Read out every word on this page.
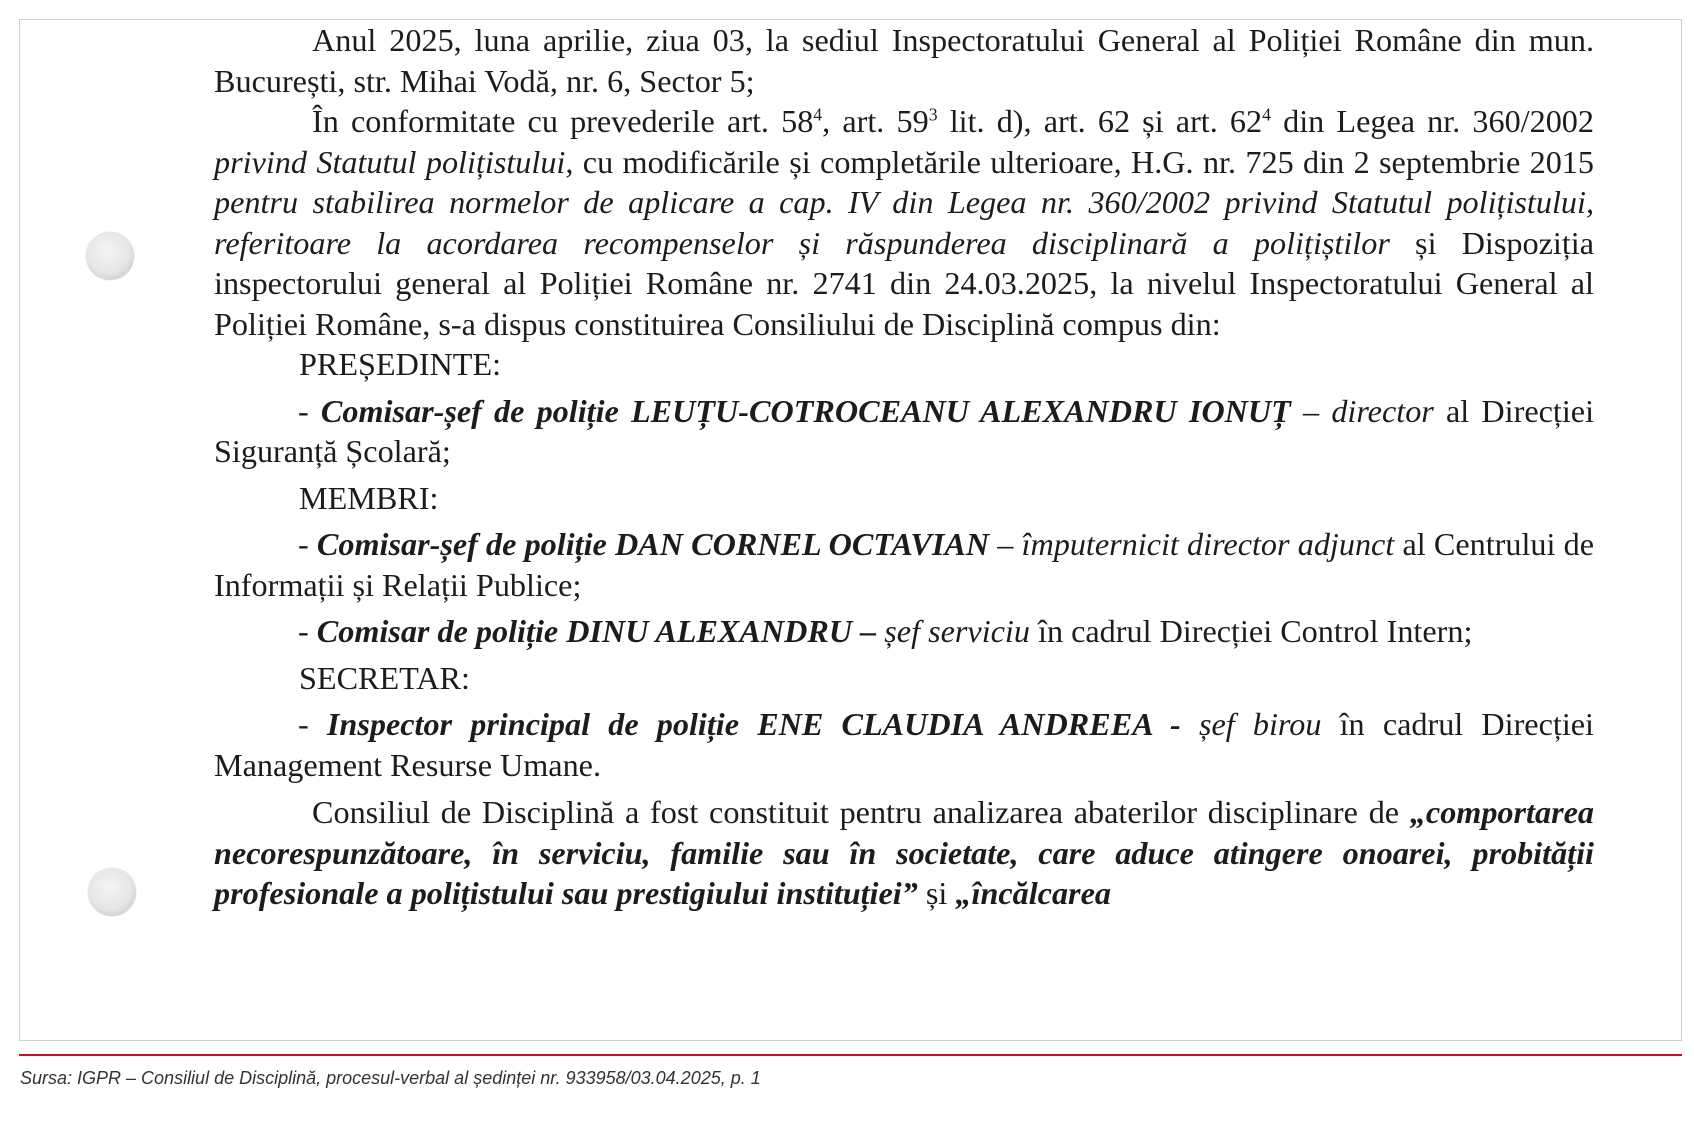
Anul 2025, luna aprilie, ziua 03, la sediul Inspectoratului General al Poliției Române din mun. București, str. Mihai Vodă, nr. 6, Sector 5;

În conformitate cu prevederile art. $58^4$, art. $59^3$ lit. d), art. 62 și art. $62^4$ din Legea nr. 360/2002 privind Statutul polițistului, cu modificările și completările ulterioare, H.G. nr. 725 din 2 septembrie 2015 pentru stabilirea normelor de aplicare a cap. IV din Legea nr. 360/2002 privind Statutul polițistului, referitoare la acordarea recompenselor și răspunderea disciplinară a polițiștilor și Dispoziția inspectorului general al Poliției Române nr. 2741 din 24.03.2025, la nivelul Inspectoratului General al Poliției Române, s-a dispus constituirea Consiliului de Disciplină compus din:

PREȘEDINTE:

- Comisar-șef de poliție LEUȚU-COTROCEANU ALEXANDRU IONUȚ – director al Direcției Siguranță Școlară;

MEMBRI:

- Comisar-șef de poliție DAN CORNEL OCTAVIAN – împuternicit director adjunct al Centrului de Informații și Relații Publice;

- Comisar de poliție DINU ALEXANDRU – șef serviciu în cadrul Direcției Control Intern;

SECRETAR:

- Inspector principal de poliție ENE CLAUDIA ANDREEA - șef birou în cadrul Direcției Management Resurse Umane.

Consiliul de Disciplină a fost constituit pentru analizarea abaterilor disciplinare de „comportarea necorespunzătoare, în serviciu, familie sau în societate, care aduce atingere onoarei, probității profesionale a polițistului sau prestigiului instituției” și „încălcarea

Sursa: IGPR – Consiliul de Disciplină, procesul-verbal al ședinței nr. 933958/03.04.2025, p. 1
